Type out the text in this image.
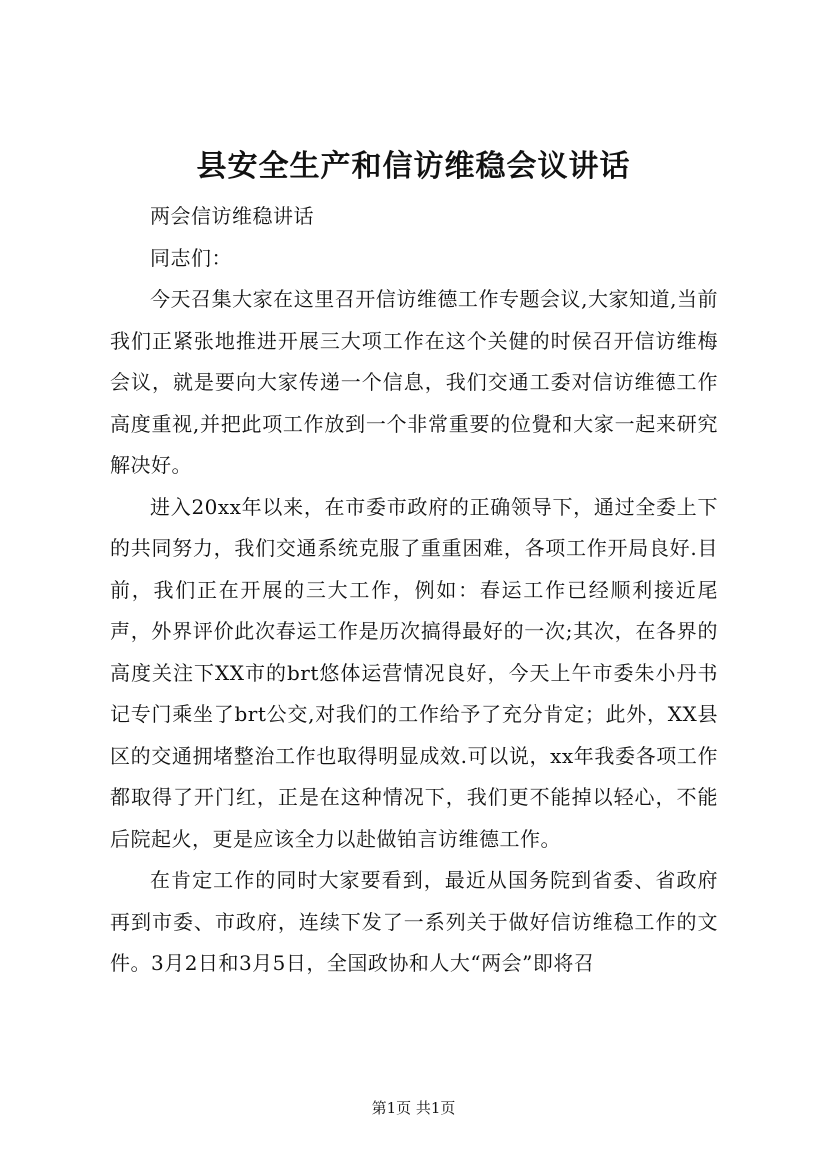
县安全生产和信访维稳会议讲话

两会信访维稳讲话

同志们：

今天召集大家在这里召开信访维德工作专题会议,大家知道,当前我们正紧张地推进开展三大项工作在这个关健的时侯召开信访维梅会议，就是要向大家传递一个信息，我们交通工委对信访维德工作高度重视,并把此项工作放到一个非常重要的位覺和大家一起来研究解决好。

进入20xx年以来，在市委市政府的正确领导下，通过全委上下的共同努力，我们交通系统克服了重重困难，各项工作开局良好.目前，我们正在开展的三大工作，例如：春运工作已经顺利接近尾声，外界评价此次春运工作是历次搞得最好的一次;其次，在各界的高度关注下XX市的brt悠体运营情况良好，今天上午市委朱小丹书记专门乘坐了brt公交,对我们的工作给予了充分肯定；此外，XX县区的交通拥堵整治工作也取得明显成效.可以说，xx年我委各项工作都取得了开门红，正是在这种情况下，我们更不能掉以轻心，不能后院起火，更是应该全力以赴做铂言访维德工作。

在肯定工作的同时大家要看到，最近从国务院到省委、省政府再到市委、市政府，连续下发了一系列关于做好信访维稳工作的文件。3月2日和3月5日，全国政协和人大“两会”即将召

第1页 共1页
